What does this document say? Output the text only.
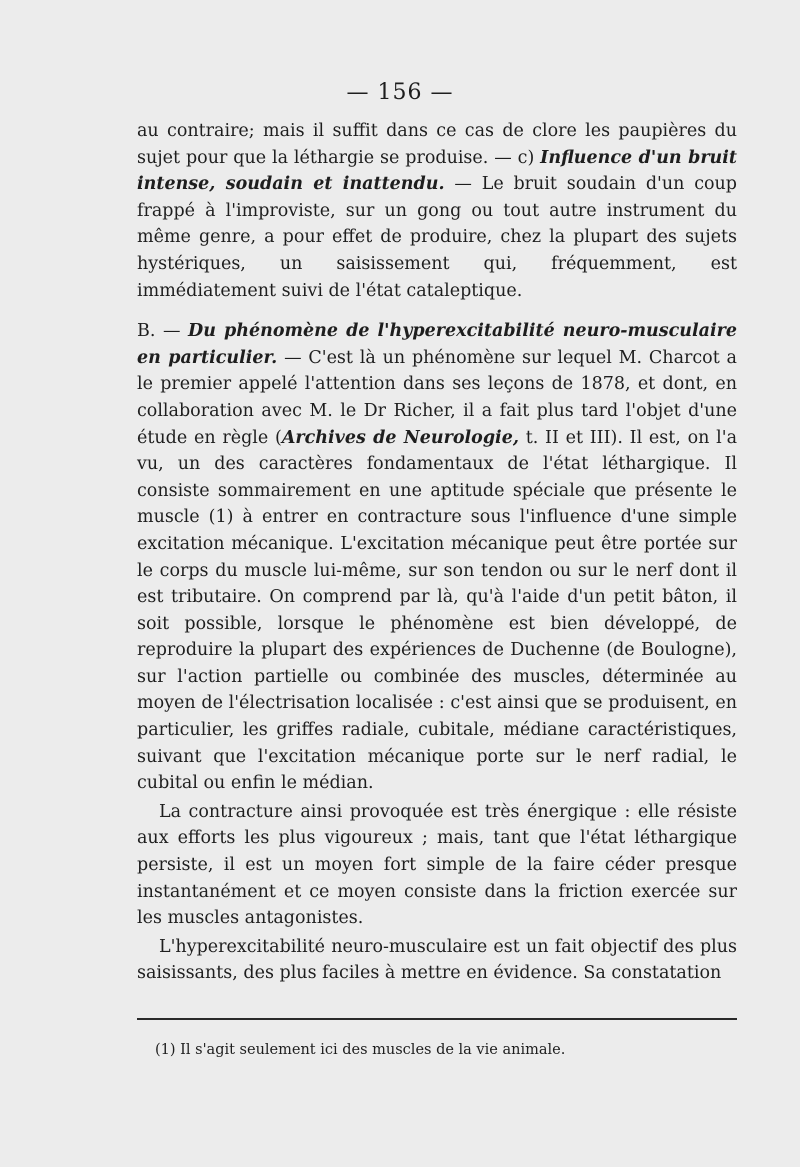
— 156 —

au contraire; mais il suffit dans ce cas de clore les paupières du sujet pour que la léthargie se produise. — c) Influence d'un bruit intense, soudain et inattendu. — Le bruit soudain d'un coup frappé à l'improviste, sur un gong ou tout autre instrument du même genre, a pour effet de produire, chez la plupart des sujets hystériques, un saisissement qui, fréquemment, est immédiatement suivi de l'état cataleptique.

B. — Du phénomène de l'hyperexcitabilité neuro-musculaire en particulier. — C'est là un phénomène sur lequel M. Charcot a le premier appelé l'attention dans ses leçons de 1878, et dont, en collaboration avec M. le Dr Richer, il a fait plus tard l'objet d'une étude en règle (Archives de Neurologie, t. II et III). Il est, on l'a vu, un des caractères fondamentaux de l'état léthargique. Il consiste sommairement en une aptitude spéciale que présente le muscle (1) à entrer en contracture sous l'influence d'une simple excitation mécanique. L'excitation mécanique peut être portée sur le corps du muscle lui-même, sur son tendon ou sur le nerf dont il est tributaire. On comprend par là, qu'à l'aide d'un petit bâton, il soit possible, lorsque le phénomène est bien développé, de reproduire la plupart des expériences de Duchenne (de Boulogne), sur l'action partielle ou combinée des muscles, déterminée au moyen de l'électrisation localisée : c'est ainsi que se produisent, en particulier, les griffes radiale, cubitale, médiane caractéristiques, suivant que l'excitation mécanique porte sur le nerf radial, le cubital ou enfin le médian.

La contracture ainsi provoquée est très énergique : elle résiste aux efforts les plus vigoureux ; mais, tant que l'état léthargique persiste, il est un moyen fort simple de la faire céder presque instantanément et ce moyen consiste dans la friction exercée sur les muscles antagonistes.

L'hyperexcitabilité neuro-musculaire est un fait objectif des plus saisissants, des plus faciles à mettre en évidence. Sa constatation

(1) Il s'agit seulement ici des muscles de la vie animale.
